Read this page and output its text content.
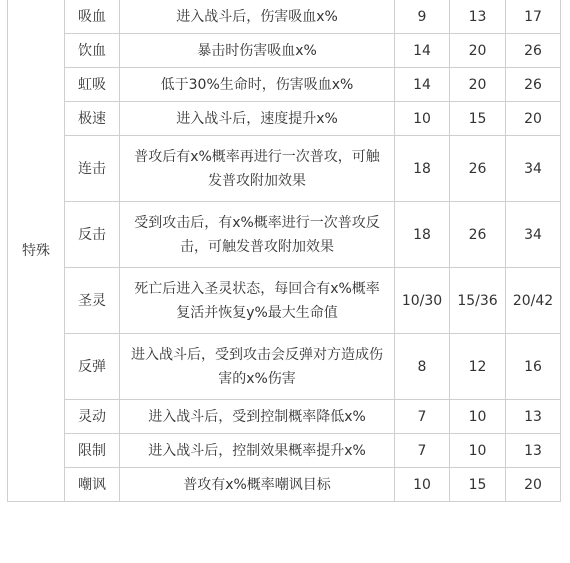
特殊	吸血	进入战斗后，伤害吸血x%	9	13	17
	饮血	暴击时伤害吸血x%	14	20	26
	虹吸	低于30%生命时，伤害吸血x%	14	20	26
	极速	进入战斗后，速度提升x%	10	15	20
	连击	普攻后有x%概率再进行一次普攻，可触发普攻附加效果	18	26	34
	反击	受到攻击后，有x%概率进行一次普攻反击，可触发普攻附加效果	18	26	34
	圣灵	死亡后进入圣灵状态，每回合有x%概率复活并恢复y%最大生命值	10/30	15/36	20/42
	反弹	进入战斗后，受到攻击会反弹对方造成伤害的x%伤害	8	12	16
	灵动	进入战斗后，受到控制概率降低x%	7	10	13
	限制	进入战斗后，控制效果概率提升x%	7	10	13
	嘲讽	普攻有x%概率嘲讽目标	10	15	20
